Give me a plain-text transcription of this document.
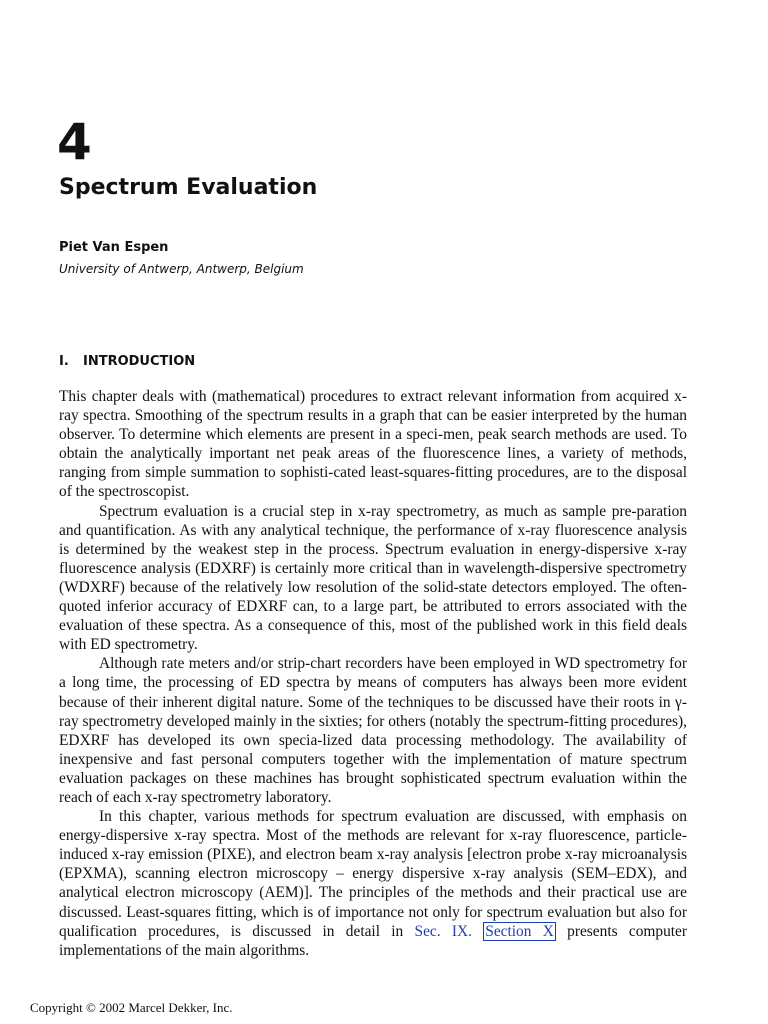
4
Spectrum Evaluation
Piet Van Espen
University of Antwerp, Antwerp, Belgium
I. INTRODUCTION

This chapter deals with (mathematical) procedures to extract relevant information from acquired x-ray spectra. Smoothing of the spectrum results in a graph that can be easier interpreted by the human observer. To determine which elements are present in a speci-men, peak search methods are used. To obtain the analytically important net peak areas of the fluorescence lines, a variety of methods, ranging from simple summation to sophisti-cated least-squares-fitting procedures, are to the disposal of the spectroscopist.

Spectrum evaluation is a crucial step in x-ray spectrometry, as much as sample pre-paration and quantification. As with any analytical technique, the performance of x-ray fluorescence analysis is determined by the weakest step in the process. Spectrum evaluation in energy-dispersive x-ray fluorescence analysis (EDXRF) is certainly more critical than in wavelength-dispersive spectrometry (WDXRF) because of the relatively low resolution of the solid-state detectors employed. The often-quoted inferior accuracy of EDXRF can, to a large part, be attributed to errors associated with the evaluation of these spectra. As a consequence of this, most of the published work in this field deals with ED spectrometry.

Although rate meters and/or strip-chart recorders have been employed in WD spectrometry for a long time, the processing of ED spectra by means of computers has always been more evident because of their inherent digital nature. Some of the techniques to be discussed have their roots in γ-ray spectrometry developed mainly in the sixties; for others (notably the spectrum-fitting procedures), EDXRF has developed its own specia-lized data processing methodology. The availability of inexpensive and fast personal computers together with the implementation of mature spectrum evaluation packages on these machines has brought sophisticated spectrum evaluation within the reach of each x-ray spectrometry laboratory.

In this chapter, various methods for spectrum evaluation are discussed, with emphasis on energy-dispersive x-ray spectra. Most of the methods are relevant for x-ray fluorescence, particle-induced x-ray emission (PIXE), and electron beam x-ray analysis [electron probe x-ray microanalysis (EPXMA), scanning electron microscopy – energy dispersive x-ray analysis (SEM–EDX), and analytical electron microscopy (AEM)]. The principles of the methods and their practical use are discussed. Least-squares fitting, which is of importance not only for spectrum evaluation but also for qualification procedures, is discussed in detail in Sec. IX. Section X presents computer implementations of the main algorithms.

Copyright © 2002 Marcel Dekker, Inc.
